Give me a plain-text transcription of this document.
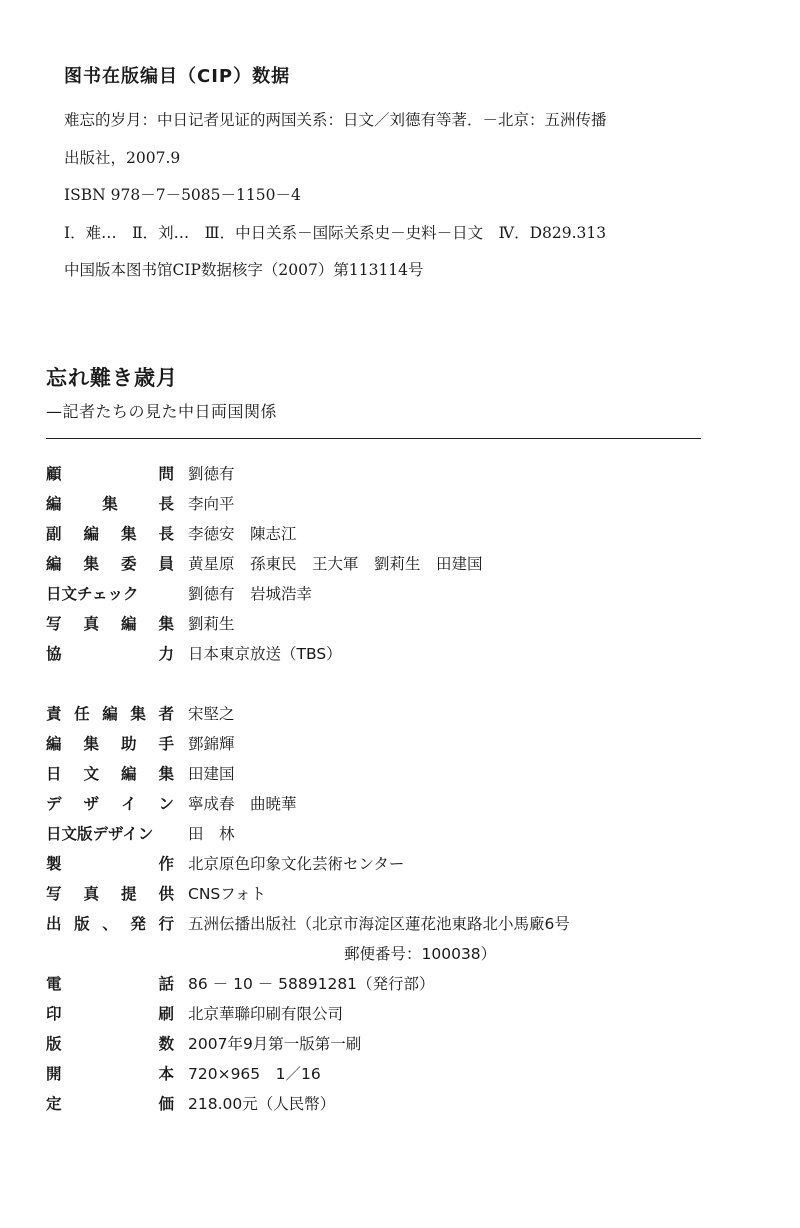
图书在版编目（CIP）数据
难忘的岁月：中日记者见证的两国关系：日文／刘德有等著．－北京：五洲传播
出版社，2007.9
ISBN 978－7－5085－1150－4
Ⅰ．难…　Ⅱ．刘…　Ⅲ．中日关系－国际关系史－史料－日文　Ⅳ．D829.313
中国版本图书馆CIP数据核字（2007）第113114号
忘れ難き歳月
—記者たちの見た中日両国関係
顧	問 劉徳有
編	集	長 李向平
副 編 集 長 李徳安　陳志江
編 集 委 員 黄星原　孫東民　王大軍　劉莉生　田建国
日文チェック	劉徳有　岩城浩幸
写 真 編 集 劉莉生
協	力 日本東京放送（TBS）
責 任 編 集 者 宋堅之
編 集 助 手 鄧錦輝
日 文 編 集 田建国
デ ザ イ ン 寧成春　曲暁華
日文版デザイン	田　林
製	作 北京原色印象文化芸術センター
写 真 提 供 CNSフォト
出 版 、 発 行 五洲伝播出版社（北京市海淀区蓮花池東路北小馬廠6号
郵便番号：100038）
電	話 86 － 10 － 58891281（発行部）
印	刷 北京華聯印刷有限公司
版	数 2007年9月第一版第一刷
開	本 720×965　1／16
定	価 218.00元（人民幣）
